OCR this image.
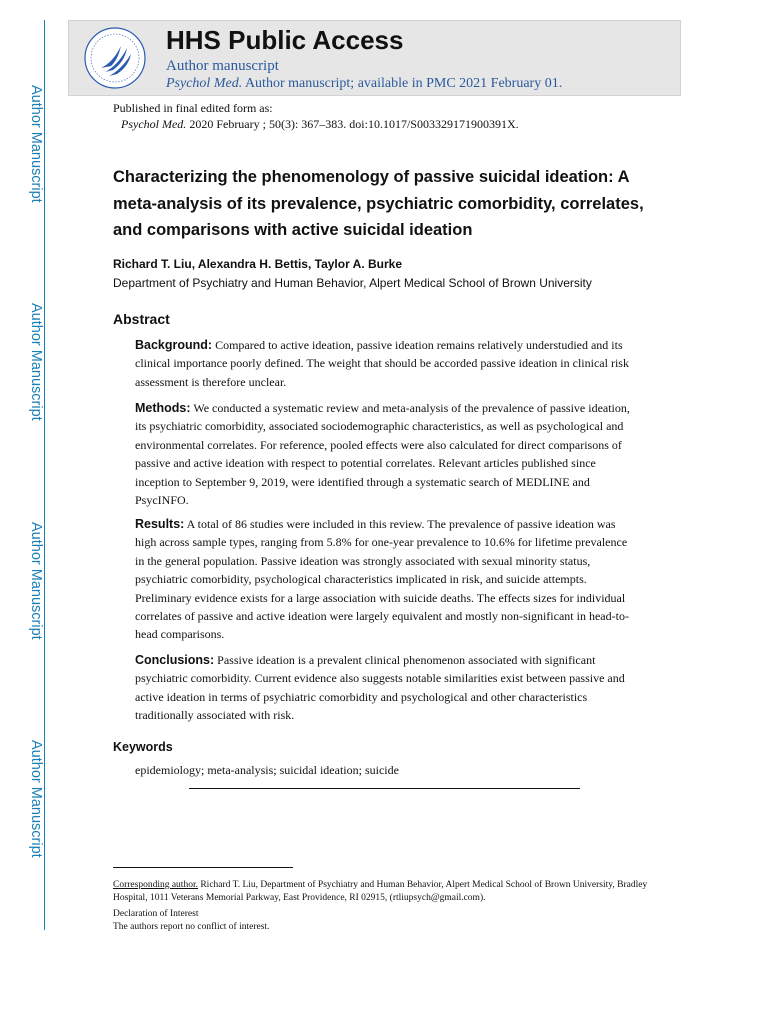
Author Manuscript
Author Manuscript
Author Manuscript
Author Manuscript
HHS Public Access
Author manuscript
Psychol Med. Author manuscript; available in PMC 2021 February 01.
Published in final edited form as:
Psychol Med. 2020 February ; 50(3): 367–383. doi:10.1017/S003329171900391X.
Characterizing the phenomenology of passive suicidal ideation: A meta-analysis of its prevalence, psychiatric comorbidity, correlates, and comparisons with active suicidal ideation
Richard T. Liu, Alexandra H. Bettis, Taylor A. Burke
Department of Psychiatry and Human Behavior, Alpert Medical School of Brown University
Abstract

Background: Compared to active ideation, passive ideation remains relatively understudied and its clinical importance poorly defined. The weight that should be accorded passive ideation in clinical risk assessment is therefore unclear.

Methods: We conducted a systematic review and meta-analysis of the prevalence of passive ideation, its psychiatric comorbidity, associated sociodemographic characteristics, as well as psychological and environmental correlates. For reference, pooled effects were also calculated for direct comparisons of passive and active ideation with respect to potential correlates. Relevant articles published since inception to September 9, 2019, were identified through a systematic search of MEDLINE and PsycINFO.

Results: A total of 86 studies were included in this review. The prevalence of passive ideation was high across sample types, ranging from 5.8% for one-year prevalence to 10.6% for lifetime prevalence in the general population. Passive ideation was strongly associated with sexual minority status, psychiatric comorbidity, psychological characteristics implicated in risk, and suicide attempts. Preliminary evidence exists for a large association with suicide deaths. The effects sizes for individual correlates of passive and active ideation were largely equivalent and mostly non-significant in head-to-head comparisons.

Conclusions: Passive ideation is a prevalent clinical phenomenon associated with significant psychiatric comorbidity. Current evidence also suggests notable similarities exist between passive and active ideation in terms of psychiatric comorbidity and psychological and other characteristics traditionally associated with risk.

Keywords
epidemiology; meta-analysis; suicidal ideation; suicide

Corresponding author. Richard T. Liu, Department of Psychiatry and Human Behavior, Alpert Medical School of Brown University, Bradley Hospital, 1011 Veterans Memorial Parkway, East Providence, RI 02915, (rtliupsych@gmail.com).

Declaration of Interest

The authors report no conflict of interest.
